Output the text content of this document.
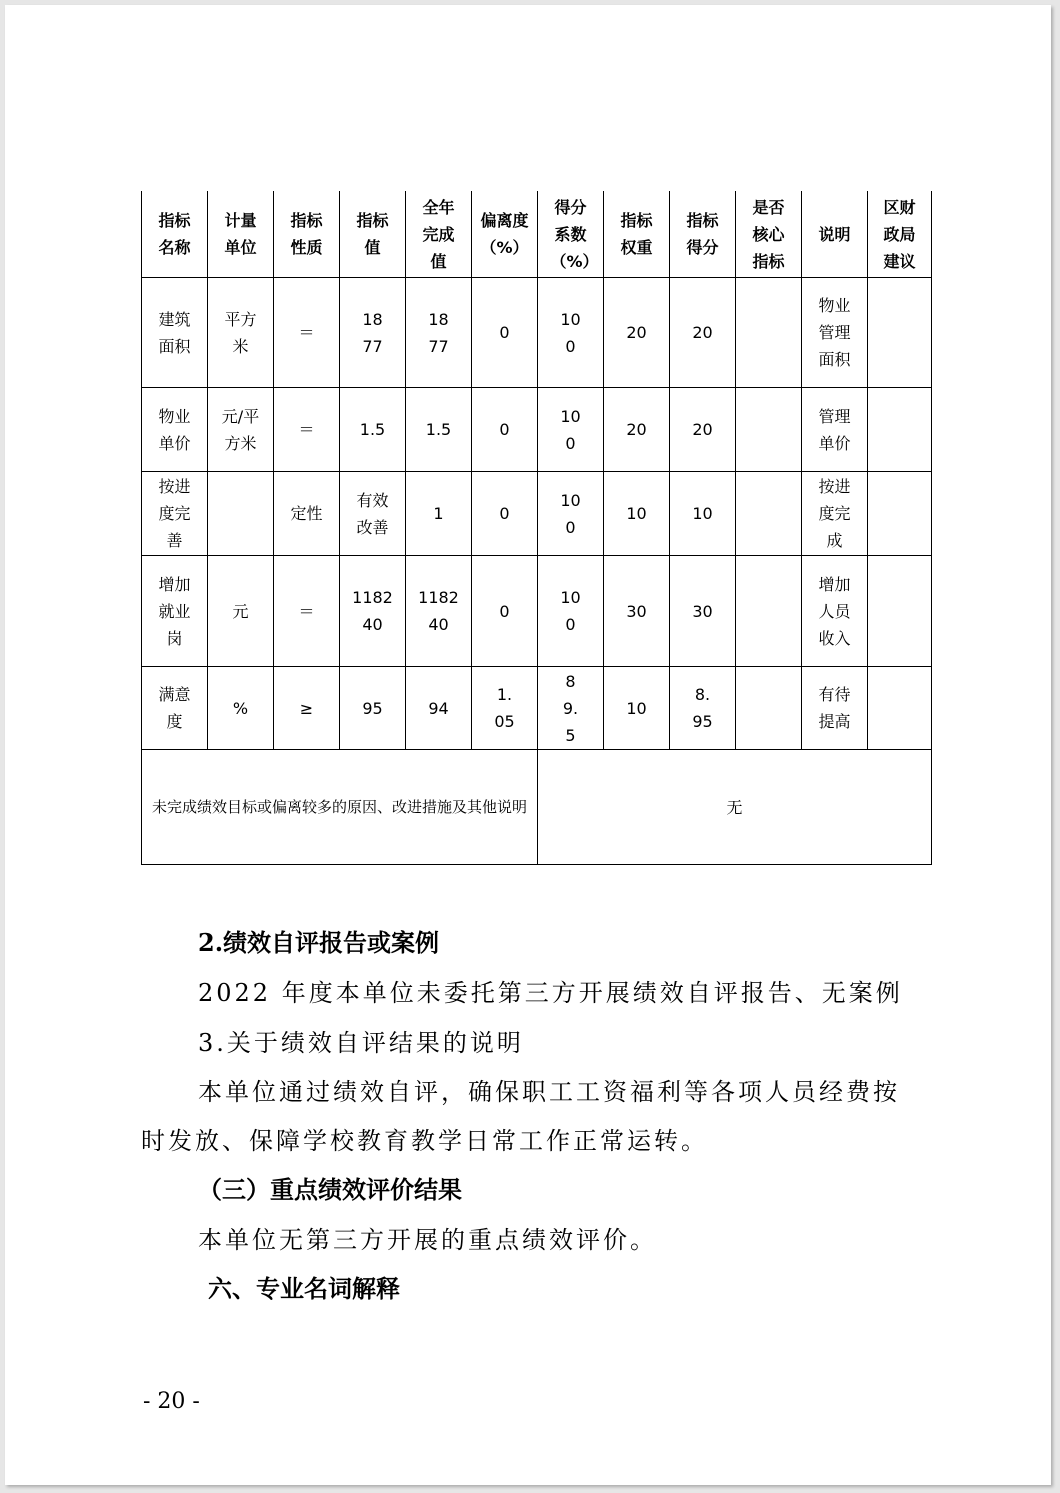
指标名称	计量单位	指标性质	指标值	全年完成值	偏离度（%）	得分系数（%）	指标权重	指标得分	是否核心指标	说明	区财政局建议

建筑面积	平方米	＝	1877	1877	0	100	20	20		物业管理面积	

物业单价	元/平方米	＝	1.5	1.5	0	100	20	20		管理单价	

按进度完善		定性	有效改善	1	0	100	10	10		按进度完成	

增加就业岗	元	＝	118240	118240	0	100	30	30		增加人员收入	

满意度	%	≥	95	94	1.05	89.5	10	8.95		有待提高	

未完成绩效目标或偏离较多的原因、改进措施及其他说明						无					
2.绩效自评报告或案例
2022 年度本单位未委托第三方开展绩效自评报告、无案例
3.关于绩效自评结果的说明
本单位通过绩效自评，确保职工工资福利等各项人员经费按
时发放、保障学校教育教学日常工作正常运转。
（三）重点绩效评价结果
本单位无第三方开展的重点绩效评价。
六、专业名词解释
- 20 -
